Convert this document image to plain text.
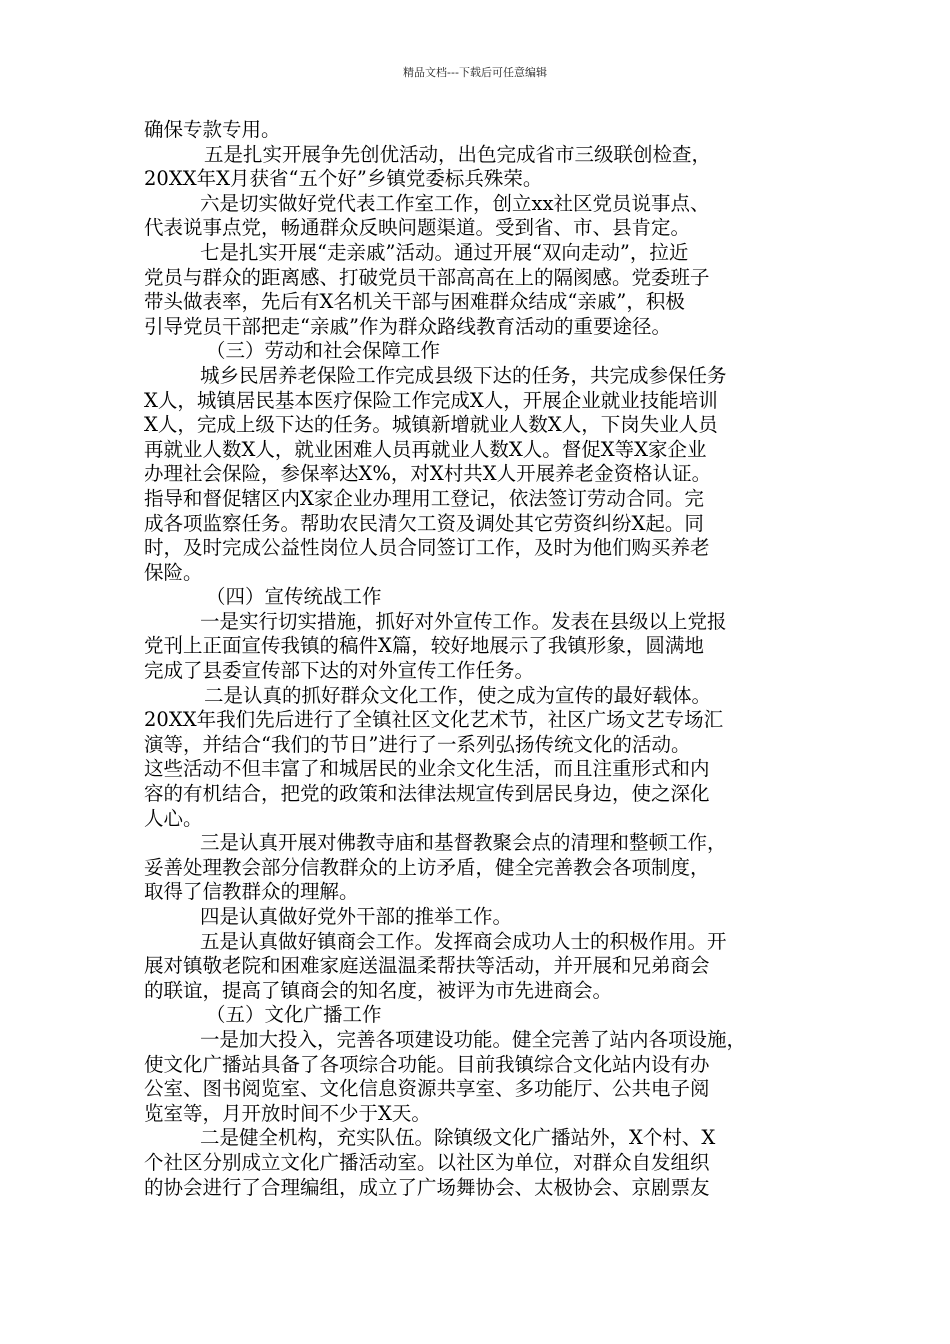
精品文档---下载后可任意编辑
确保专款专用。
五是扎实开展争先创优活动，出色完成省市三级联创检查，
20XX年X月获省“五个好”乡镇党委标兵殊荣。
六是切实做好党代表工作室工作，创立xx社区党员说事点、
代表说事点党，畅通群众反映问题渠道。受到省、市、县肯定。
七是扎实开展“走亲戚”活动。通过开展“双向走动”，拉近
党员与群众的距离感、打破党员干部高高在上的隔阂感。党委班子
带头做表率，先后有X名机关干部与困难群众结成“亲戚”，积极
引导党员干部把走“亲戚”作为群众路线教育活动的重要途径。
（三）劳动和社会保障工作
城乡民居养老保险工作完成县级下达的任务，共完成参保任务
X人，城镇居民基本医疗保险工作完成X人，开展企业就业技能培训
X人，完成上级下达的任务。城镇新增就业人数X人，下岗失业人员
再就业人数X人，就业困难人员再就业人数X人。督促X等X家企业
办理社会保险，参保率达X%，对X村共X人开展养老金资格认证。
指导和督促辖区内X家企业办理用工登记，依法签订劳动合同。完
成各项监察任务。帮助农民清欠工资及调处其它劳资纠纷X起。同
时，及时完成公益性岗位人员合同签订工作，及时为他们购买养老
保险。
（四）宣传统战工作
一是实行切实措施，抓好对外宣传工作。发表在县级以上党报
党刊上正面宣传我镇的稿件X篇，较好地展示了我镇形象，圆满地
完成了县委宣传部下达的对外宣传工作任务。
二是认真的抓好群众文化工作，使之成为宣传的最好载体。
20XX年我们先后进行了全镇社区文化艺术节，社区广场文艺专场汇
演等，并结合“我们的节日”进行了一系列弘扬传统文化的活动。
这些活动不但丰富了和城居民的业余文化生活，而且注重形式和内
容的有机结合，把党的政策和法律法规宣传到居民身边，使之深化
人心。
三是认真开展对佛教寺庙和基督教聚会点的清理和整顿工作，
妥善处理教会部分信教群众的上访矛盾，健全完善教会各项制度，
取得了信教群众的理解。
四是认真做好党外干部的推举工作。
五是认真做好镇商会工作。发挥商会成功人士的积极作用。开
展对镇敬老院和困难家庭送温温柔帮扶等活动，并开展和兄弟商会
的联谊，提高了镇商会的知名度，被评为市先进商会。
（五）文化广播工作
一是加大投入，完善各项建设功能。健全完善了站内各项设施，
使文化广播站具备了各项综合功能。目前我镇综合文化站内设有办
公室、图书阅览室、文化信息资源共享室、多功能厅、公共电子阅
览室等，月开放时间不少于X天。
二是健全机构，充实队伍。除镇级文化广播站外，X个村、X
个社区分别成立文化广播活动室。以社区为单位，对群众自发组织
的协会进行了合理编组，成立了广场舞协会、太极协会、京剧票友
